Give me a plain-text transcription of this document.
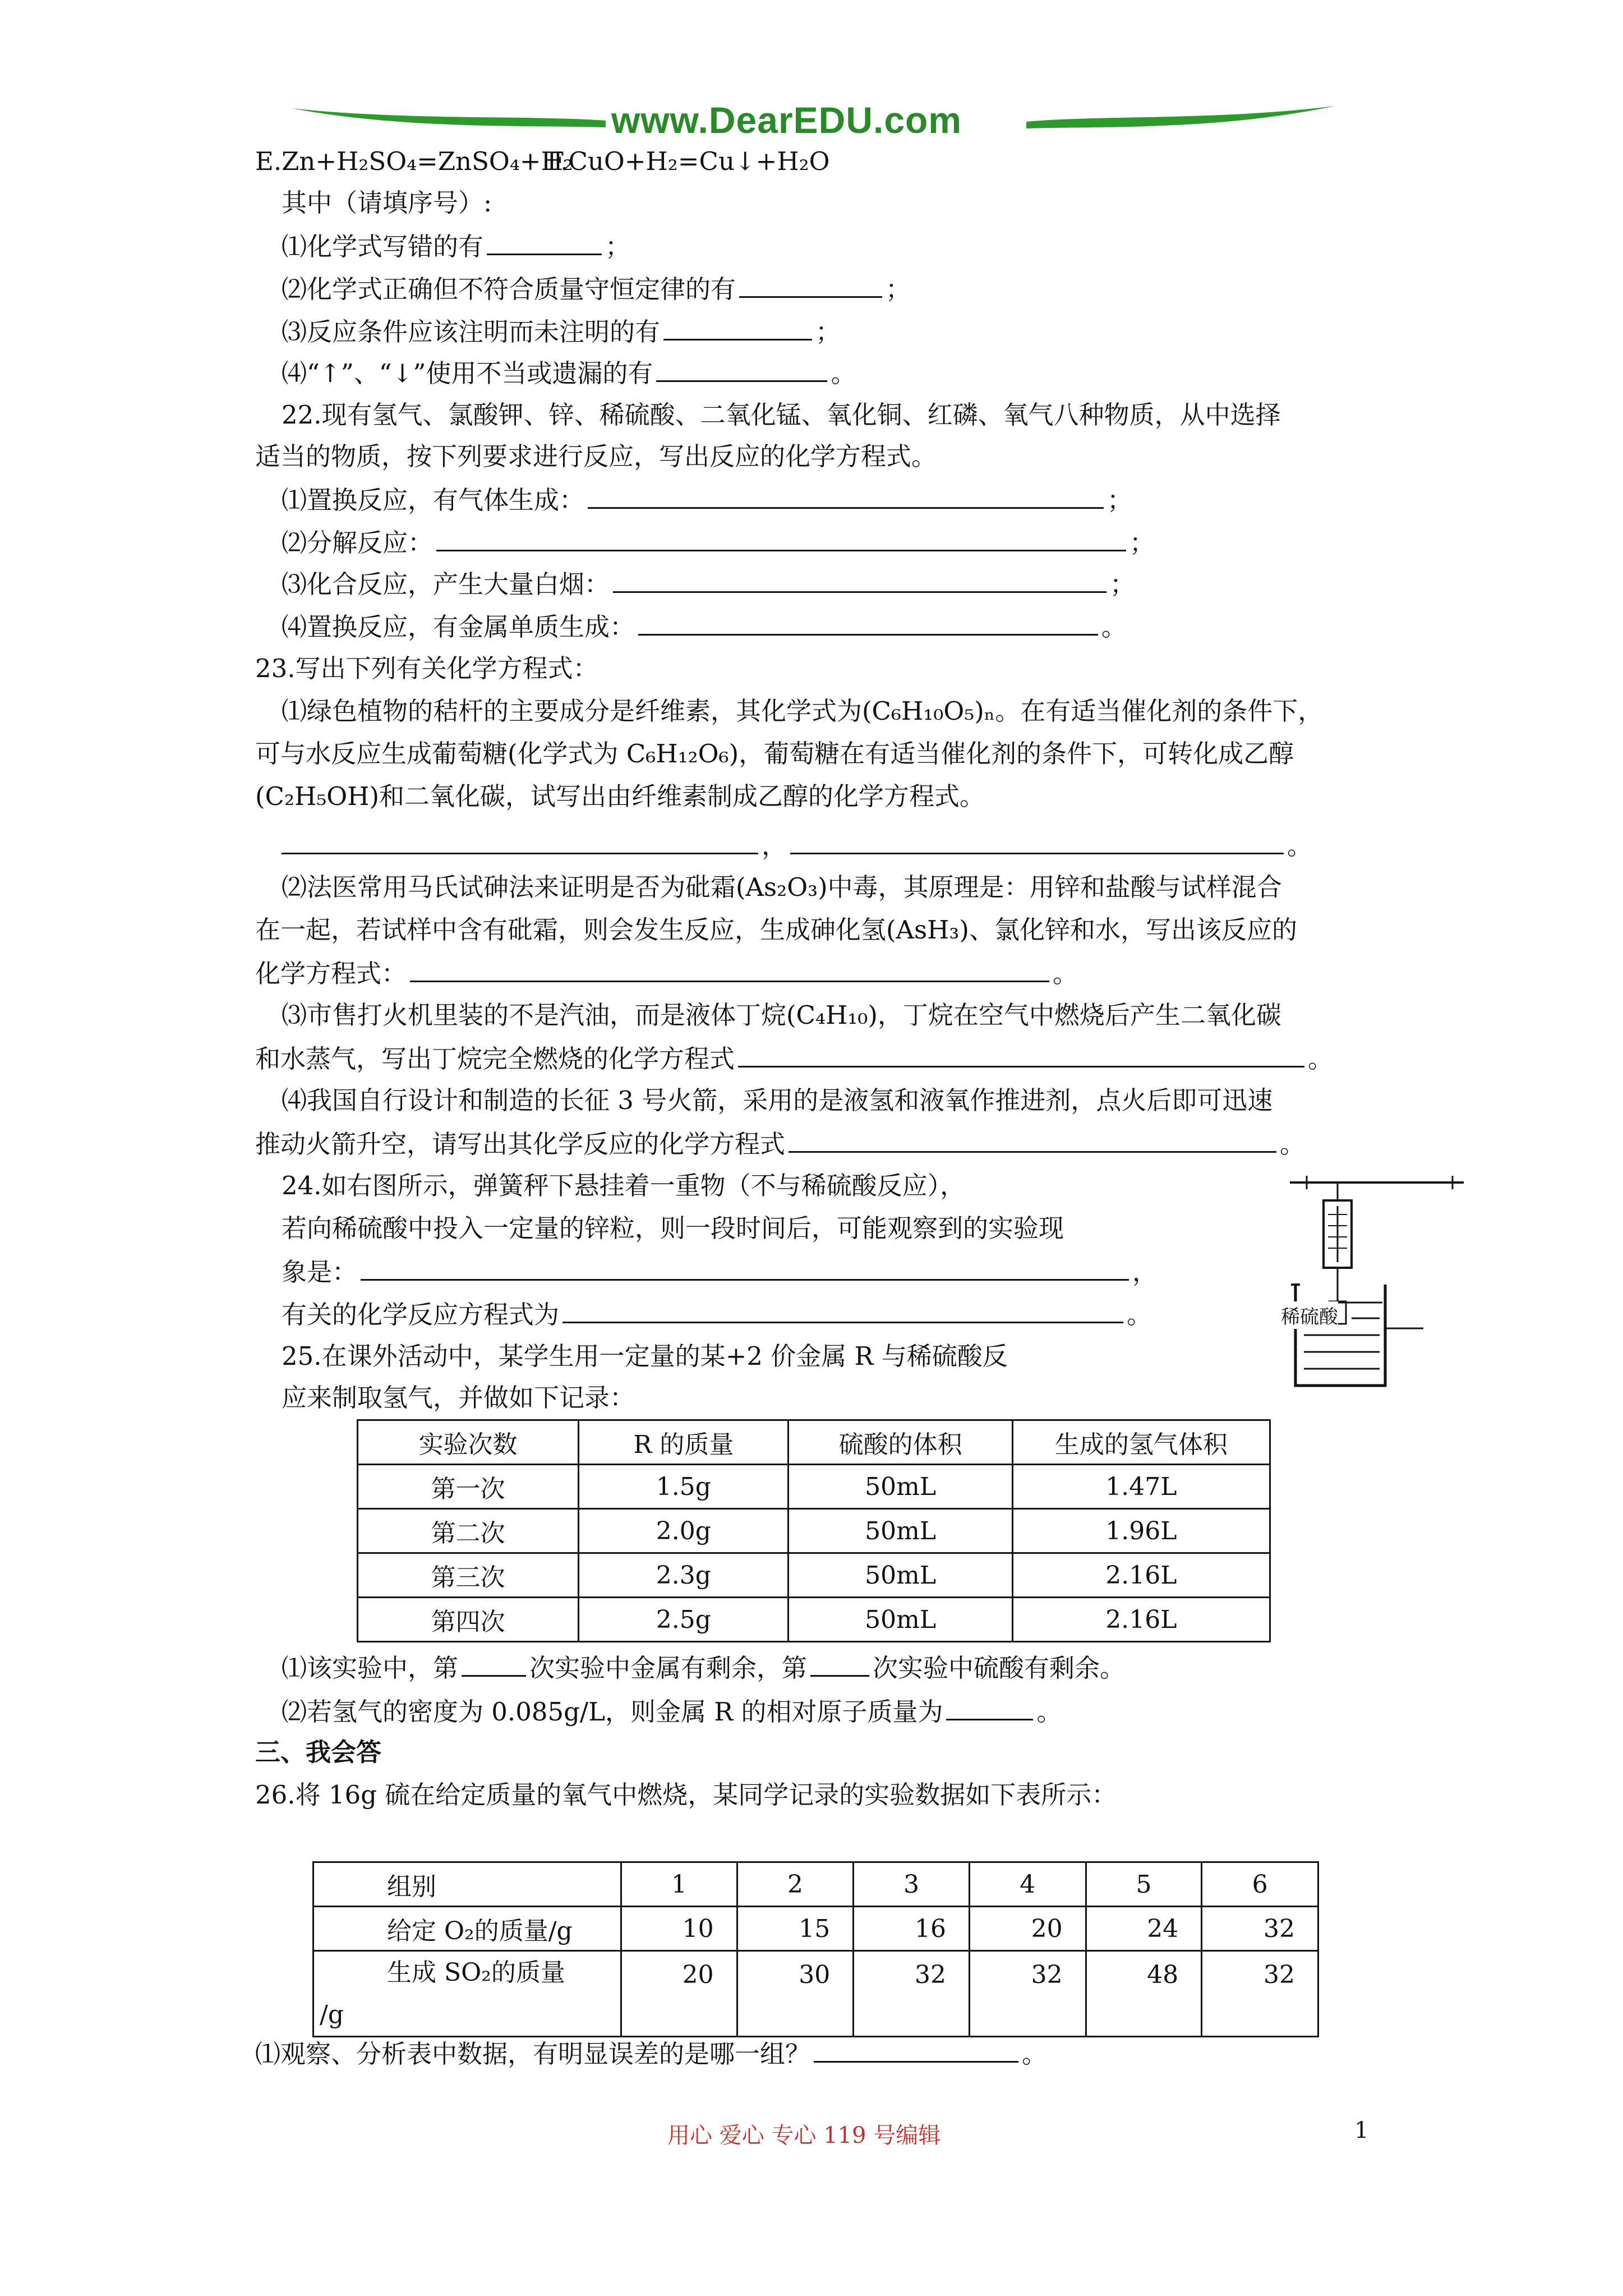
www.DearEDU.com
E.Zn+H₂SO₄=ZnSO₄+H₂
F.CuO+H₂=Cu↓+H₂O
其中（请填序号）:
⑴化学式写错的有	；
⑵化学式正确但不符合质量守恒定律的有	；
⑶反应条件应该注明而未注明的有	；
⑷“↑”、“↓”使用不当或遗漏的有	。
22.现有氢气、氯酸钾、锌、稀硫酸、二氧化锰、氧化铜、红磷、氧气八种物质，从中选择
适当的物质，按下列要求进行反应，写出反应的化学方程式。
⑴置换反应，有气体生成：	；
⑵分解反应：	；
⑶化合反应，产生大量白烟：	；
⑷置换反应，有金属单质生成：	。
23.写出下列有关化学方程式：
⑴绿色植物的秸杆的主要成分是纤维素，其化学式为(C₆H₁₀O₅)ₙ。在有适当催化剂的条件下，
可与水反应生成葡萄糖(化学式为 C₆H₁₂O₆)，葡萄糖在有适当催化剂的条件下，可转化成乙醇
(C₂H₅OH)和二氧化碳，试写出由纤维素制成乙醇的化学方程式。
，	。
⑵法医常用马氏试砷法来证明是否为砒霜(As₂O₃)中毒，其原理是：用锌和盐酸与试样混合
在一起，若试样中含有砒霜，则会发生反应，生成砷化氢(AsH₃)、氯化锌和水，写出该反应的
化学方程式：	。
⑶市售打火机里装的不是汽油，而是液体丁烷(C₄H₁₀)，丁烷在空气中燃烧后产生二氧化碳
和水蒸气，写出丁烷完全燃烧的化学方程式	。
⑷我国自行设计和制造的长征 3 号火箭，采用的是液氢和液氧作推进剂，点火后即可迅速
推动火箭升空，请写出其化学反应的化学方程式	。
24.如右图所示，弹簧秤下悬挂着一重物（不与稀硫酸反应），
若向稀硫酸中投入一定量的锌粒，则一段时间后，可能观察到的实验现
象是：	，
有关的化学反应方程式为	。	稀硫酸
25.在课外活动中，某学生用一定量的某+2 价金属 R 与稀硫酸反
应来制取氢气，并做如下记录：
实验次数	R 的质量	硫酸的体积	生成的氢气体积
第一次	1.5g	50mL	1.47L
第二次	2.0g	50mL	1.96L
第三次	2.3g	50mL	2.16L
第四次	2.5g	50mL	2.16L
⑴该实验中，第	次实验中金属有剩余，第	次实验中硫酸有剩余。
⑵若氢气的密度为 0.085g/L，则金属 R 的相对原子质量为	。
三、我会答
26.将 16g 硫在给定质量的氧气中燃烧，某同学记录的实验数据如下表所示：
组别	1	2	3	4	5	6
给定 O₂的质量/g	10	15	16	20	24	32

生成 SO₂的质量
/g	20	30	32	32	48	32
⑴观察、分析表中数据，有明显误差的是哪一组？	。
用心 爱心 专心 119 号编辑	1
